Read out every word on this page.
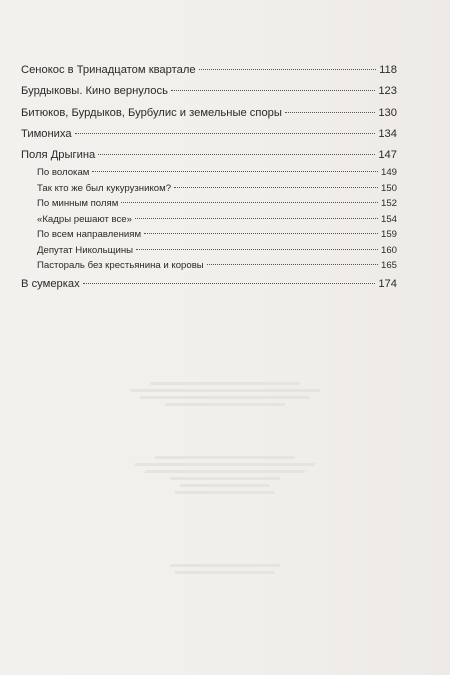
Сенокос в Тринадцатом квартале	118
Бурдыковы. Кино вернулось	123
Битюков, Бурдыков, Бурбулис и земельные споры	130
Тимониха	134
Поля Дрыгина	147
По волокам	149
Так кто же был кукурузником?	150
По минным полям	152
«Кадры решают все»	154
По всем направлениям	159
Депутат Никольщины	160
Пастораль без крестьянина и коровы	165
В сумерках	174
